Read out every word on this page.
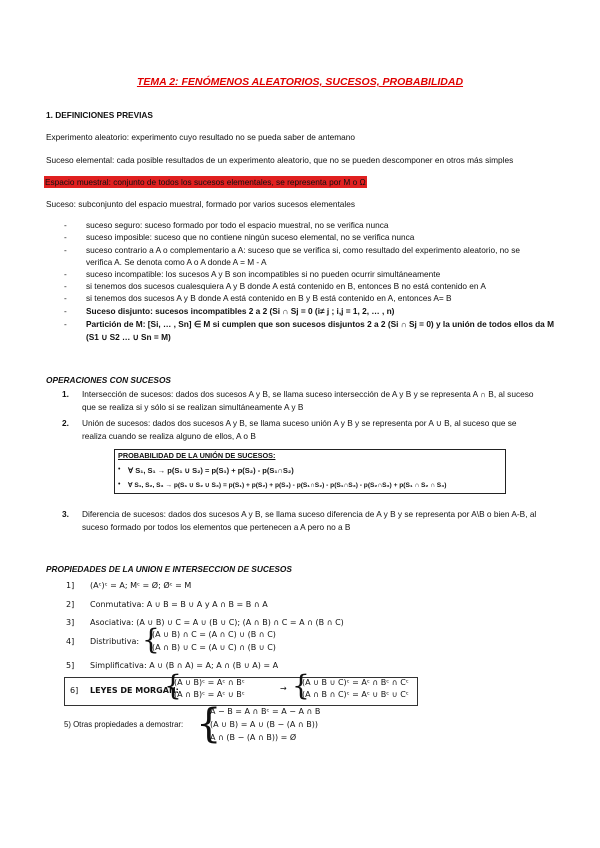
TEMA 2: FENÓMENOS ALEATORIOS, SUCESOS, PROBABILIDAD
1. DEFINICIONES PREVIAS
Experimento aleatorio: experimento cuyo resultado no se pueda saber de antemano
Suceso elemental: cada posible resultados de un experimento aleatorio, que no se pueden descomponer en otros más simples
Espacio muestral: conjunto de todos los sucesos elementales, se representa por M o Ω
Suceso: subconjunto del espacio muestral, formado por varios sucesos elementales
- suceso seguro: suceso formado por todo el espacio muestral, no se verifica nunca
- suceso imposible: suceso que no contiene ningún suceso elemental, no se verifica nunca
- suceso contrario a A o complementario a A: suceso que se verifica si, como resultado del experimento aleatorio, no se
verifica A. Se denota como A o A donde A = M - A
- suceso incompatible: los sucesos A y B son incompatibles si no pueden ocurrir simultáneamente
- si tenemos dos sucesos cualesquiera A y B donde A está contenido en B, entonces B no está contenido en A
- si tenemos dos sucesos A y B donde A está contenido en B y B está contenido en A, entonces A= B
- Suceso disjunto: sucesos incompatibles 2 a 2 (Si ∩ Sj = 0 (i≠ j ; i,j = 1, 2, … , n)
- Partición de M: [Si, … , Sn] ∈ M si cumplen que son sucesos disjuntos 2 a 2 (Si ∩ Sj = 0) y la unión de todos ellos da M
(S1 ∪ S2 … ∪ Sn = M)
OPERACIONES CON SUCESOS
1. Intersección de sucesos: dados dos sucesos A y B, se llama suceso intersección de A y B y se representa A ∩ B, al suceso
que se realiza si y sólo si se realizan simultáneamente A y B
2. Unión de sucesos: dados dos sucesos A y B, se llama suceso unión A y B y se representa por A ∪ B, al suceso que se
realiza cuando se realiza alguno de ellos, A o B
PROBABILIDAD DE LA UNIÓN DE SUCESOS:
• ∀ S₁, S₁ → p(S₁ ∪ S₂) = p(S₁) + p(S₂) - p(S₁∩S₂)
• ∀ S₁, S₂, S₃ → p(S₁ ∪ S₂ ∪ S₃) = p(S₁) + p(S₂) + p(S₃) - p(S₁∩S₂) - p(S₁∩S₃) - p(S₂∩S₃) + p(S₁ ∩ S₂ ∩ S₃)
3. Diferencia de sucesos: dados dos sucesos A y B, se llama suceso diferencia de A y B y se representa por A\B o bien A-B, al
suceso formado por todos los elementos que pertenecen a A pero no a B
PROPIEDADES DE LA UNION E INTERSECCION DE SUCESOS
1] (Aᶜ)ᶜ = A; Mᶜ = Ø; Øᶜ = M
2] Conmutativa: A ∪ B = B ∪ A y A ∩ B = B ∩ A
3] Asociativa: (A ∪ B) ∪ C = A ∪ (B ∪ C); (A ∩ B) ∩ C = A ∩ (B ∩ C)
4] Distributiva: {
(A ∪ B) ∩ C = (A ∩ C) ∪ (B ∩ C)
(A ∩ B) ∪ C = (A ∪ C) ∩ (B ∪ C)
5] Simplificativa: A ∪ (B ∩ A) = A; A ∩ (B ∪ A) = A
6] LEYES DE MORGAN:
{
(A ∪ B)ᶜ = Aᶜ ∩ Bᶜ
(A ∩ B)ᶜ = Aᶜ ∪ Bᶜ
→ {
(A ∪ B ∪ C)ᶜ = Aᶜ ∩ Bᶜ ∩ Cᶜ
(A ∩ B ∩ C)ᶜ = Aᶜ ∪ Bᶜ ∪ Cᶜ
5) Otras propiedades a demostrar: {
A − B = A ∩ Bᶜ = A − A ∩ B
(A ∪ B) = A ∪ (B − (A ∩ B))
A ∩ (B − (A ∩ B)) = Ø
